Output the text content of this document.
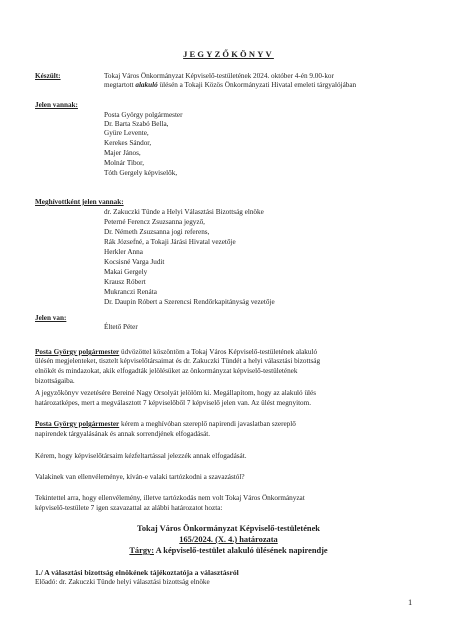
JEGYZŐKÖNYV
Készült:	Tokaj Város Önkormányzat Képviselő-testületének 2024. október 4-én 9.00-kor
megtartott alakuló ülésén a Tokaji Közös Önkormányzati Hivatal emeleti tárgyalójában
Jelen vannak:
Posta György polgármester
Dr. Barta Szabó Bella,
Gyüre Levente,
Kerekes Sándor,
Majer János,
Molnár Tibor,
Tóth Gergely képviselők,
Meghívottként jelen vannak:
dr. Zakuczki Tünde a Helyi Választási Bizottság elnöke
Peterné Ferencz Zsuzsanna jegyző,
Dr. Németh Zsuzsanna jogi referens,
Rák Józsefné, a Tokaji Járási Hivatal vezetője
Herkler Anna
Kocsisné Varga Judit
Makai Gergely
Krausz Róbert
Mukranczi Renáta
Dr. Daupin Róbert a Szerencsi Rendőrkapitányság vezetője
Jelen van:
Éltető Péter
Posta György polgármester üdvözöttel köszöntöm a Tokaj Város Képviselő-testületének alakuló
ülésén megjelenteket, tisztelt képviselőtársaimat és dr. Zakuczki Tündét a helyi választási bizottság
elnökét és mindazokat, akik elfogadták jelölésüket az önkormányzat képviselő-testületének
bizottságaiba.
A jegyzőkönyv vezetésére Bereiné Nagy Orsolyát jelölöm ki. Megállapítom, hogy az alakuló ülés
határozatképes, mert a megválasztott 7 képviselőből 7 képviselő jelen van. Az ülést megnyitom.
Posta György polgármester kérem a meghívóban szereplő napirendi javaslatban szereplő
napirendek tárgyalásának és annak sorrendjének elfogadását.
Kérem, hogy képviselőtársaim kézfeltartással jelezzék annak elfogadását.
Valakinek van ellenvéleménye, kíván-e valaki tartózkodni a szavazástól?
Tekintettel arra, hogy ellenvélemény, illetve tartózkodás nem volt Tokaj Város Önkormányzat
képviselő-testülete 7 igen szavazattal az alábbi határozatot hozta:
Tokaj Város Önkormányzat Képviselő-testületének
165/2024. (X. 4.) határozata
Tárgy: A képviselő-testület alakuló ülésének napirendje
1./ A választási bizottság elnökének tájékoztatója a választásról
Előadó: dr. Zakuczki Tünde helyi választási bizottság elnöke
1
